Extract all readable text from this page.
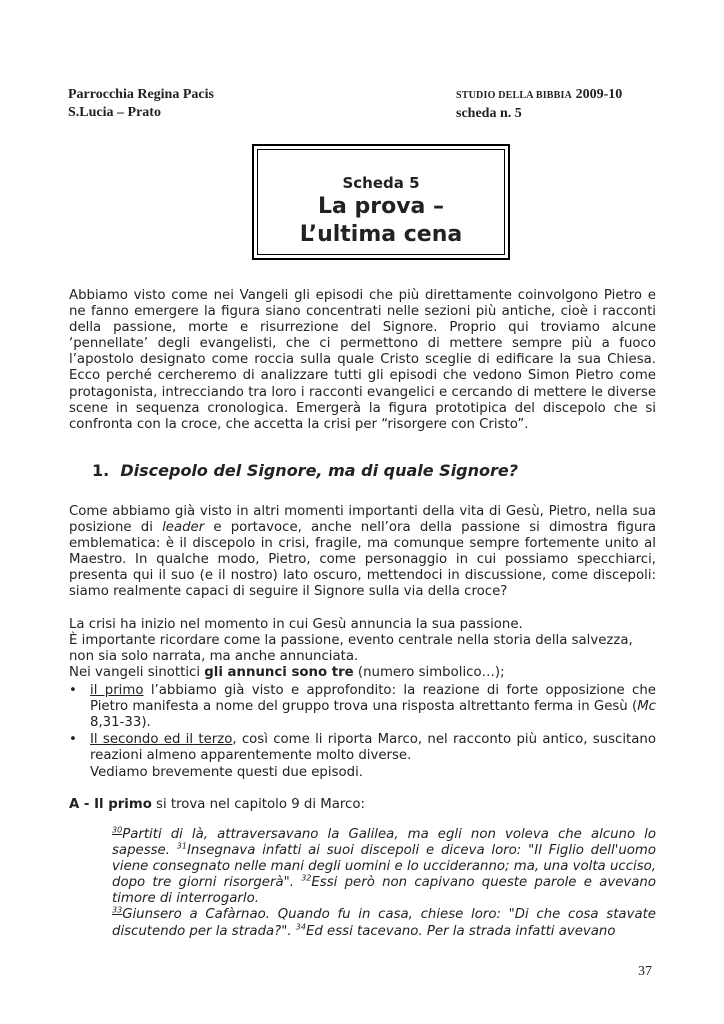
Parrocchia Regina Pacis
S.Lucia – Prato
STUDIO DELLA BIBBIA 2009-10
scheda n. 5
Scheda 5
La prova –
L’ultima cena
Abbiamo visto come nei Vangeli gli episodi che più direttamente coinvolgono Pietro e ne fanno emergere la figura siano concentrati nelle sezioni più antiche, cioè i racconti della passione, morte e risurrezione del Signore. Proprio qui troviamo alcune ‘pennellate’ degli evangelisti, che ci permettono di mettere sempre più a fuoco l’apostolo designato come roccia sulla quale Cristo sceglie di edificare la sua Chiesa. Ecco perché cercheremo di analizzare tutti gli episodi che vedono Simon Pietro come protagonista, intrecciando tra loro i racconti evangelici e cercando di mettere le diverse scene in sequenza cronologica. Emergerà la figura prototipica del discepolo che si confronta con la croce, che accetta la crisi per “risorgere con Cristo”.
1. Discepolo del Signore, ma di quale Signore?
Come abbiamo già visto in altri momenti importanti della vita di Gesù, Pietro, nella sua posizione di leader e portavoce, anche nell’ora della passione si dimostra figura emblematica: è il discepolo in crisi, fragile, ma comunque sempre fortemente unito al Maestro. In qualche modo, Pietro, come personaggio in cui possiamo specchiarci, presenta qui il suo (e il nostro) lato oscuro, mettendoci in discussione, come discepoli: siamo realmente capaci di seguire il Signore sulla via della croce?
La crisi ha inizio nel momento in cui Gesù annuncia la sua passione.
È importante ricordare come la passione, evento centrale nella storia della salvezza, non sia solo narrata, ma anche annunciata.
Nei vangeli sinottici gli annunci sono tre (numero simbolico…);
• il primo l’abbiamo già visto e approfondito: la reazione di forte opposizione che Pietro manifesta a nome del gruppo trova una risposta altrettanto ferma in Gesù (Mc 8,31-33).
• Il secondo ed il terzo, così come li riporta Marco, nel racconto più antico, suscitano reazioni almeno apparentemente molto diverse.
Vediamo brevemente questi due episodi.
A - Il primo si trova nel capitolo 9 di Marco:
$^{30}$Partiti di là, attraversavano la Galilea, ma egli non voleva che alcuno lo sapesse. $^{31}$Insegnava infatti ai suoi discepoli e diceva loro: "Il Figlio dell'uomo viene consegnato nelle mani degli uomini e lo uccideranno; ma, una volta ucciso, dopo tre giorni risorgerà". $^{32}$Essi però non capivano queste parole e avevano timore di interrogarlo.
$^{33}$Giunsero a Cafàrnao. Quando fu in casa, chiese loro: "Di che cosa stavate discutendo per la strada?". $^{34}$Ed essi tacevano. Per la strada infatti avevano
37
